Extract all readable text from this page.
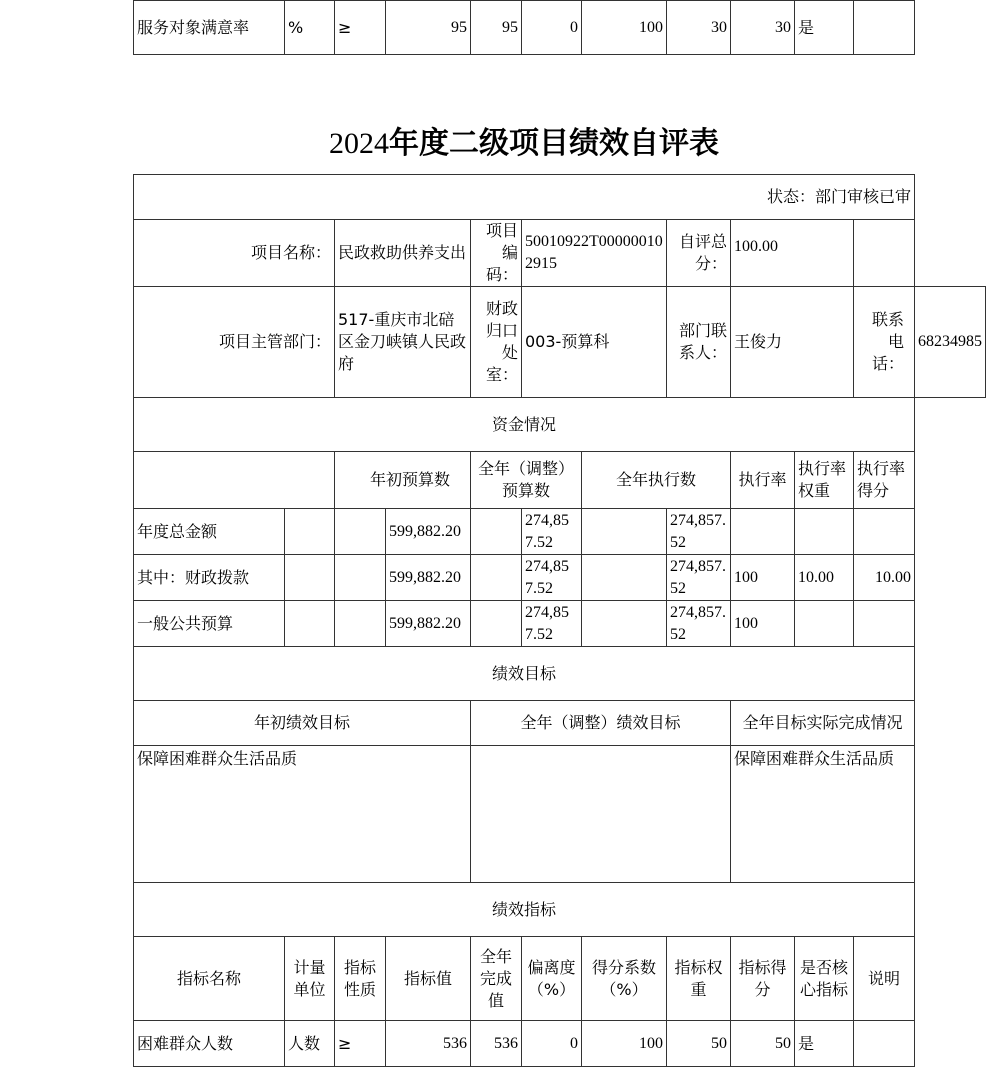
服务对象满意率	%	≥	95	95	0	100	30	30	是	
2024年度二级项目绩效自评表
状态：部门审核已审											
项目名称：		民政救助供养支出		项目编码：	50010922T000000102915		自评总分：	100.00			
项目主管部门：		517-重庆市北碚区金刀峡镇人民政府		财政归口处室：	003-预算科		部门联系人：	王俊力		联系电话：	68234985
资金情况											
		年初预算数		全年（调整）预算数		全年执行数		执行率	执行率权重	执行率得分	
年度总金额			599,882.20		274,857.52		274,857.52				
其中：财政拨款			599,882.20		274,857.52		274,857.52	100	10.00	10.00	
一般公共预算			599,882.20		274,857.52		274,857.52	100			
绩效目标											
年初绩效目标				全年（调整）绩效目标				全年目标实际完成情况			
保障困难群众生活品质								保障困难群众生活品质			
绩效指标											
指标名称	计量单位	指标性质	指标值	全年完成值	偏离度（%）	得分系数（%）	指标权重	指标得分	是否核心指标	说明	
困难群众人数	人数	≥	536	536	0	100	50	50	是		
